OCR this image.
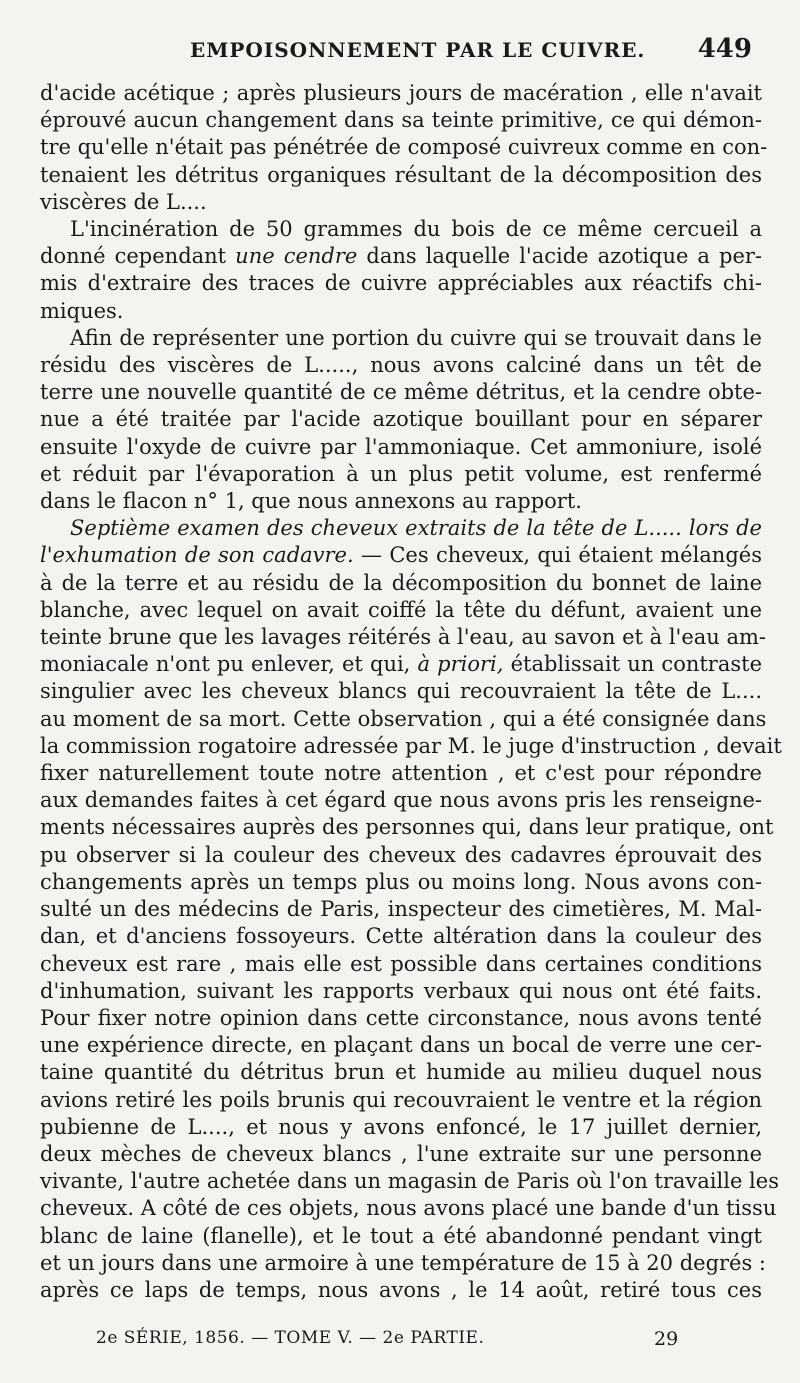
EMPOISONNEMENT PAR LE CUIVRE. 449
d'acide acétique ; après plusieurs jours de macération , elle n'avait
éprouvé aucun changement dans sa teinte primitive, ce qui démon-
tre qu'elle n'était pas pénétrée de composé cuivreux comme en con-
tenaient les détritus organiques résultant de la décomposition des
viscères de L....
L'incinération de 50 grammes du bois de ce même cercueil a
donné cependant une cendre dans laquelle l'acide azotique a per-
mis d'extraire des traces de cuivre appréciables aux réactifs chi-
miques.
Afin de représenter une portion du cuivre qui se trouvait dans le
résidu des viscères de L....., nous avons calciné dans un têt de
terre une nouvelle quantité de ce même détritus, et la cendre obte-
nue a été traitée par l'acide azotique bouillant pour en séparer
ensuite l'oxyde de cuivre par l'ammoniaque. Cet ammoniure, isolé
et réduit par l'évaporation à un plus petit volume, est renfermé
dans le flacon n° 1, que nous annexons au rapport.
Septième examen des cheveux extraits de la tête de L..... lors de
l'exhumation de son cadavre. — Ces cheveux, qui étaient mélangés
à de la terre et au résidu de la décomposition du bonnet de laine
blanche, avec lequel on avait coiffé la tête du défunt, avaient une
teinte brune que les lavages réitérés à l'eau, au savon et à l'eau am-
moniacale n'ont pu enlever, et qui, à priori, établissait un contraste
singulier avec les cheveux blancs qui recouvraient la tête de L....
au moment de sa mort. Cette observation , qui a été consignée dans
la commission rogatoire adressée par M. le juge d'instruction , devait
fixer naturellement toute notre attention , et c'est pour répondre
aux demandes faites à cet égard que nous avons pris les renseigne-
ments nécessaires auprès des personnes qui, dans leur pratique, ont
pu observer si la couleur des cheveux des cadavres éprouvait des
changements après un temps plus ou moins long. Nous avons con-
sulté un des médecins de Paris, inspecteur des cimetières, M. Mal-
dan, et d'anciens fossoyeurs. Cette altération dans la couleur des
cheveux est rare , mais elle est possible dans certaines conditions
d'inhumation, suivant les rapports verbaux qui nous ont été faits.
Pour fixer notre opinion dans cette circonstance, nous avons tenté
une expérience directe, en plaçant dans un bocal de verre une cer-
taine quantité du détritus brun et humide au milieu duquel nous
avions retiré les poils brunis qui recouvraient le ventre et la région
pubienne de L...., et nous y avons enfoncé, le 17 juillet dernier,
deux mèches de cheveux blancs , l'une extraite sur une personne
vivante, l'autre achetée dans un magasin de Paris où l'on travaille les
cheveux. A côté de ces objets, nous avons placé une bande d'un tissu
blanc de laine (flanelle), et le tout a été abandonné pendant vingt
et un jours dans une armoire à une température de 15 à 20 degrés :
après ce laps de temps, nous avons , le 14 août, retiré tous ces
2e SÉRIE, 1856. — TOME V. — 2e PARTIE.	29
